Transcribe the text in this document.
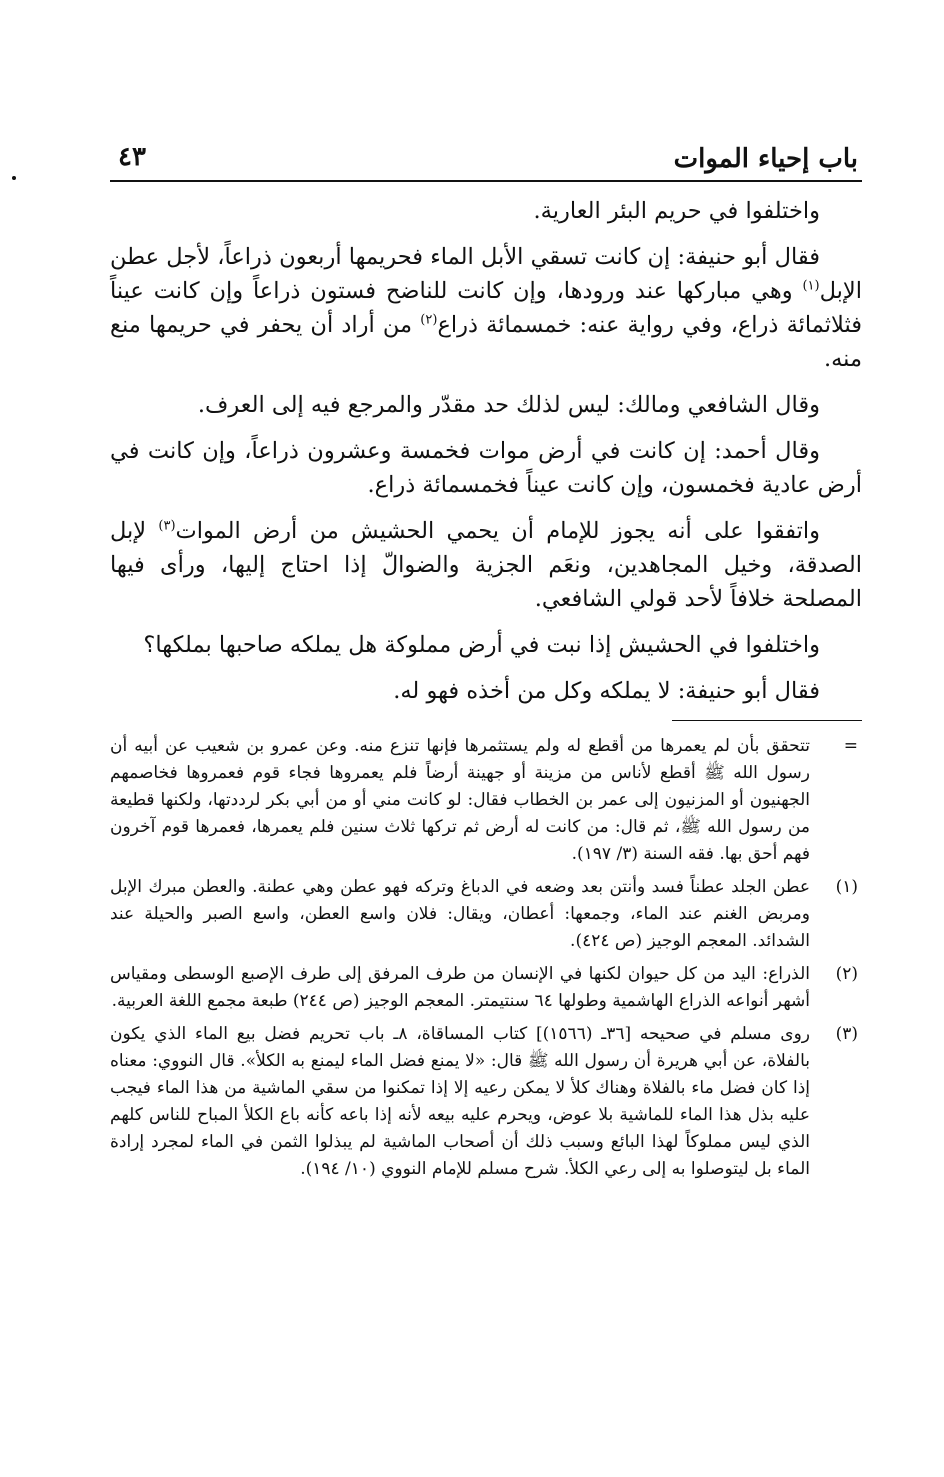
باب إحياء الموات
٤٣

واختلفوا في حريم البئر العارية.

فقال أبو حنيفة: إن كانت تسقي الأبل الماء فحريمها أربعون ذراعاً، لأجل عطن الإبل$^{(١)}$ وهي مباركها عند ورودها، وإن كانت للناضح فستون ذراعاً وإن كانت عيناً فثلاثمائة ذراع، وفي رواية عنه: خمسمائة ذراع$^{(٢)}$ من أراد أن يحفر في حريمها منع منه.

وقال الشافعي ومالك: ليس لذلك حد مقدّر والمرجع فيه إلى العرف.

وقال أحمد: إن كانت في أرض موات فخمسة وعشرون ذراعاً، وإن كانت في أرض عادية فخمسون، وإن كانت عيناً فخمسمائة ذراع.

واتفقوا على أنه يجوز للإمام أن يحمي الحشيش من أرض الموات$^{(٣)}$ لإبل الصدقة، وخيل المجاهدين، ونعَم الجزية والضوالّ إذا احتاج إليها، ورأى فيها المصلحة خلافاً لأحد قولي الشافعي.

واختلفوا في الحشيش إذا نبت في أرض مملوكة هل يملكه صاحبها بملكها؟

فقال أبو حنيفة: لا يملكه وكل من أخذه فهو له.

=
تتحقق بأن لم يعمرها من أقطع له ولم يستثمرها فإنها تنزع منه. وعن عمرو بن شعيب عن أبيه أن رسول الله ﷺ أقطع لأناس من مزينة أو جهينة أرضاً فلم يعمروها فجاء قوم فعمروها فخاصمهم الجهنيون أو المزنيون إلى عمر بن الخطاب فقال: لو كانت مني أو من أبي بكر لرددتها، ولكنها قطيعة من رسول الله ﷺ، ثم قال: من كانت له أرض ثم تركها ثلاث سنين فلم يعمرها، فعمرها قوم آخرون فهم أحق بها. فقه السنة (٣/ ١٩٧).
(١)
عطن الجلد عطناً فسد وأنتن بعد وضعه في الدباغ وتركه فهو عطن وهي عطنة. والعطن مبرك الإبل ومربض الغنم عند الماء، وجمعها: أعطان، ويقال: فلان واسع العطن، واسع الصبر والحيلة عند الشدائد. المعجم الوجيز (ص ٤٢٤).
(٢)
الذراع: اليد من كل حيوان لكنها في الإنسان من طرف المرفق إلى طرف الإصبع الوسطى ومقياس أشهر أنواعه الذراع الهاشمية وطولها ٦٤ سنتيمتر. المعجم الوجيز (ص ٢٤٤) طبعة مجمع اللغة العربية.
(٣)
روى مسلم في صحيحه [٣٦ـ (١٥٦٦)] كتاب المساقاة، ٨ـ باب تحريم فضل بيع الماء الذي يكون بالفلاة، عن أبي هريرة أن رسول الله ﷺ قال: «لا يمنع فضل الماء ليمنع به الكلأ». قال النووي: معناه إذا كان فضل ماء بالفلاة وهناك كلأ لا يمكن رعيه إلا إذا تمكنوا من سقي الماشية من هذا الماء فيجب عليه بذل هذا الماء للماشية بلا عوض، ويحرم عليه بيعه لأنه إذا باعه كأنه باع الكلأ المباح للناس كلهم الذي ليس مملوكاً لهذا البائع وسبب ذلك أن أصحاب الماشية لم يبذلوا الثمن في الماء لمجرد إرادة الماء بل ليتوصلوا به إلى رعي الكلأ. شرح مسلم للإمام النووي (١٠/ ١٩٤).
